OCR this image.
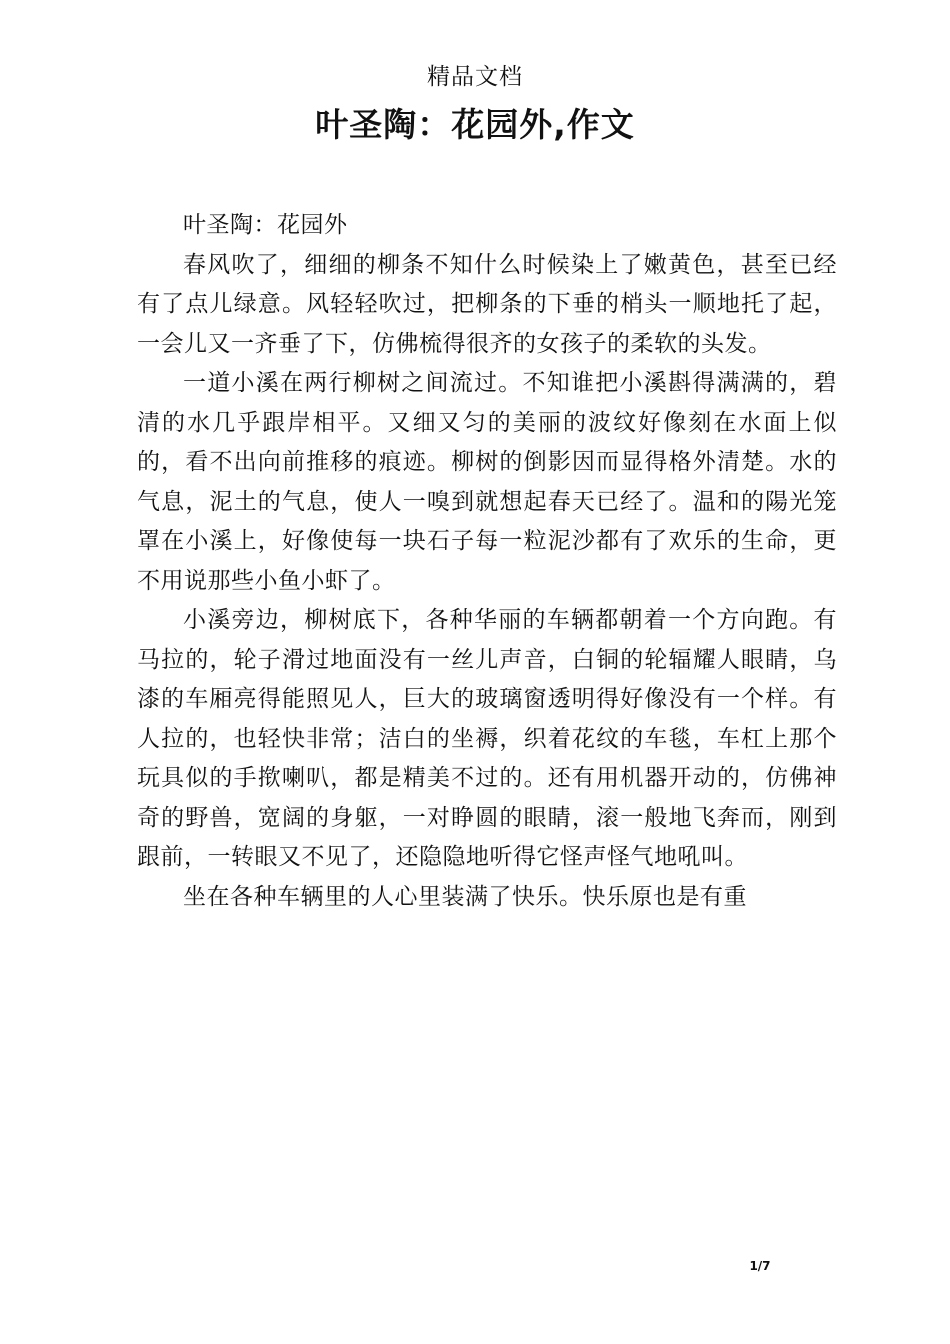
精品文档
叶圣陶：花园外,作文

叶圣陶：花园外

春风吹了，细细的柳条不知什么时候染上了嫩黄色，甚至已经有了点儿绿意。风轻轻吹过，把柳条的下垂的梢头一顺地托了起，一会儿又一齐垂了下，仿佛梳得很齐的女孩子的柔软的头发。

一道小溪在两行柳树之间流过。不知谁把小溪斟得满满的，碧清的水几乎跟岸相平。又细又匀的美丽的波纹好像刻在水面上似的，看不出向前推移的痕迹。柳树的倒影因而显得格外清楚。水的气息，泥土的气息，使人一嗅到就想起春天已经了。温和的陽光笼罩在小溪上，好像使每一块石子每一粒泥沙都有了欢乐的生命，更不用说那些小鱼小虾了。

小溪旁边，柳树底下，各种华丽的车辆都朝着一个方向跑。有马拉的，轮子滑过地面没有一丝儿声音，白铜的轮辐耀人眼睛，乌漆的车厢亮得能照见人，巨大的玻璃窗透明得好像没有一个样。有人拉的，也轻快非常；洁白的坐褥，织着花纹的车毯，车杠上那个玩具似的手揿喇叭，都是精美不过的。还有用机器开动的，仿佛神奇的野兽，宽阔的身躯，一对睁圆的眼睛，滚一般地飞奔而，刚到跟前，一转眼又不见了，还隐隐地听得它怪声怪气地吼叫。

坐在各种车辆里的人心里装满了快乐。快乐原也是有重

1/7
